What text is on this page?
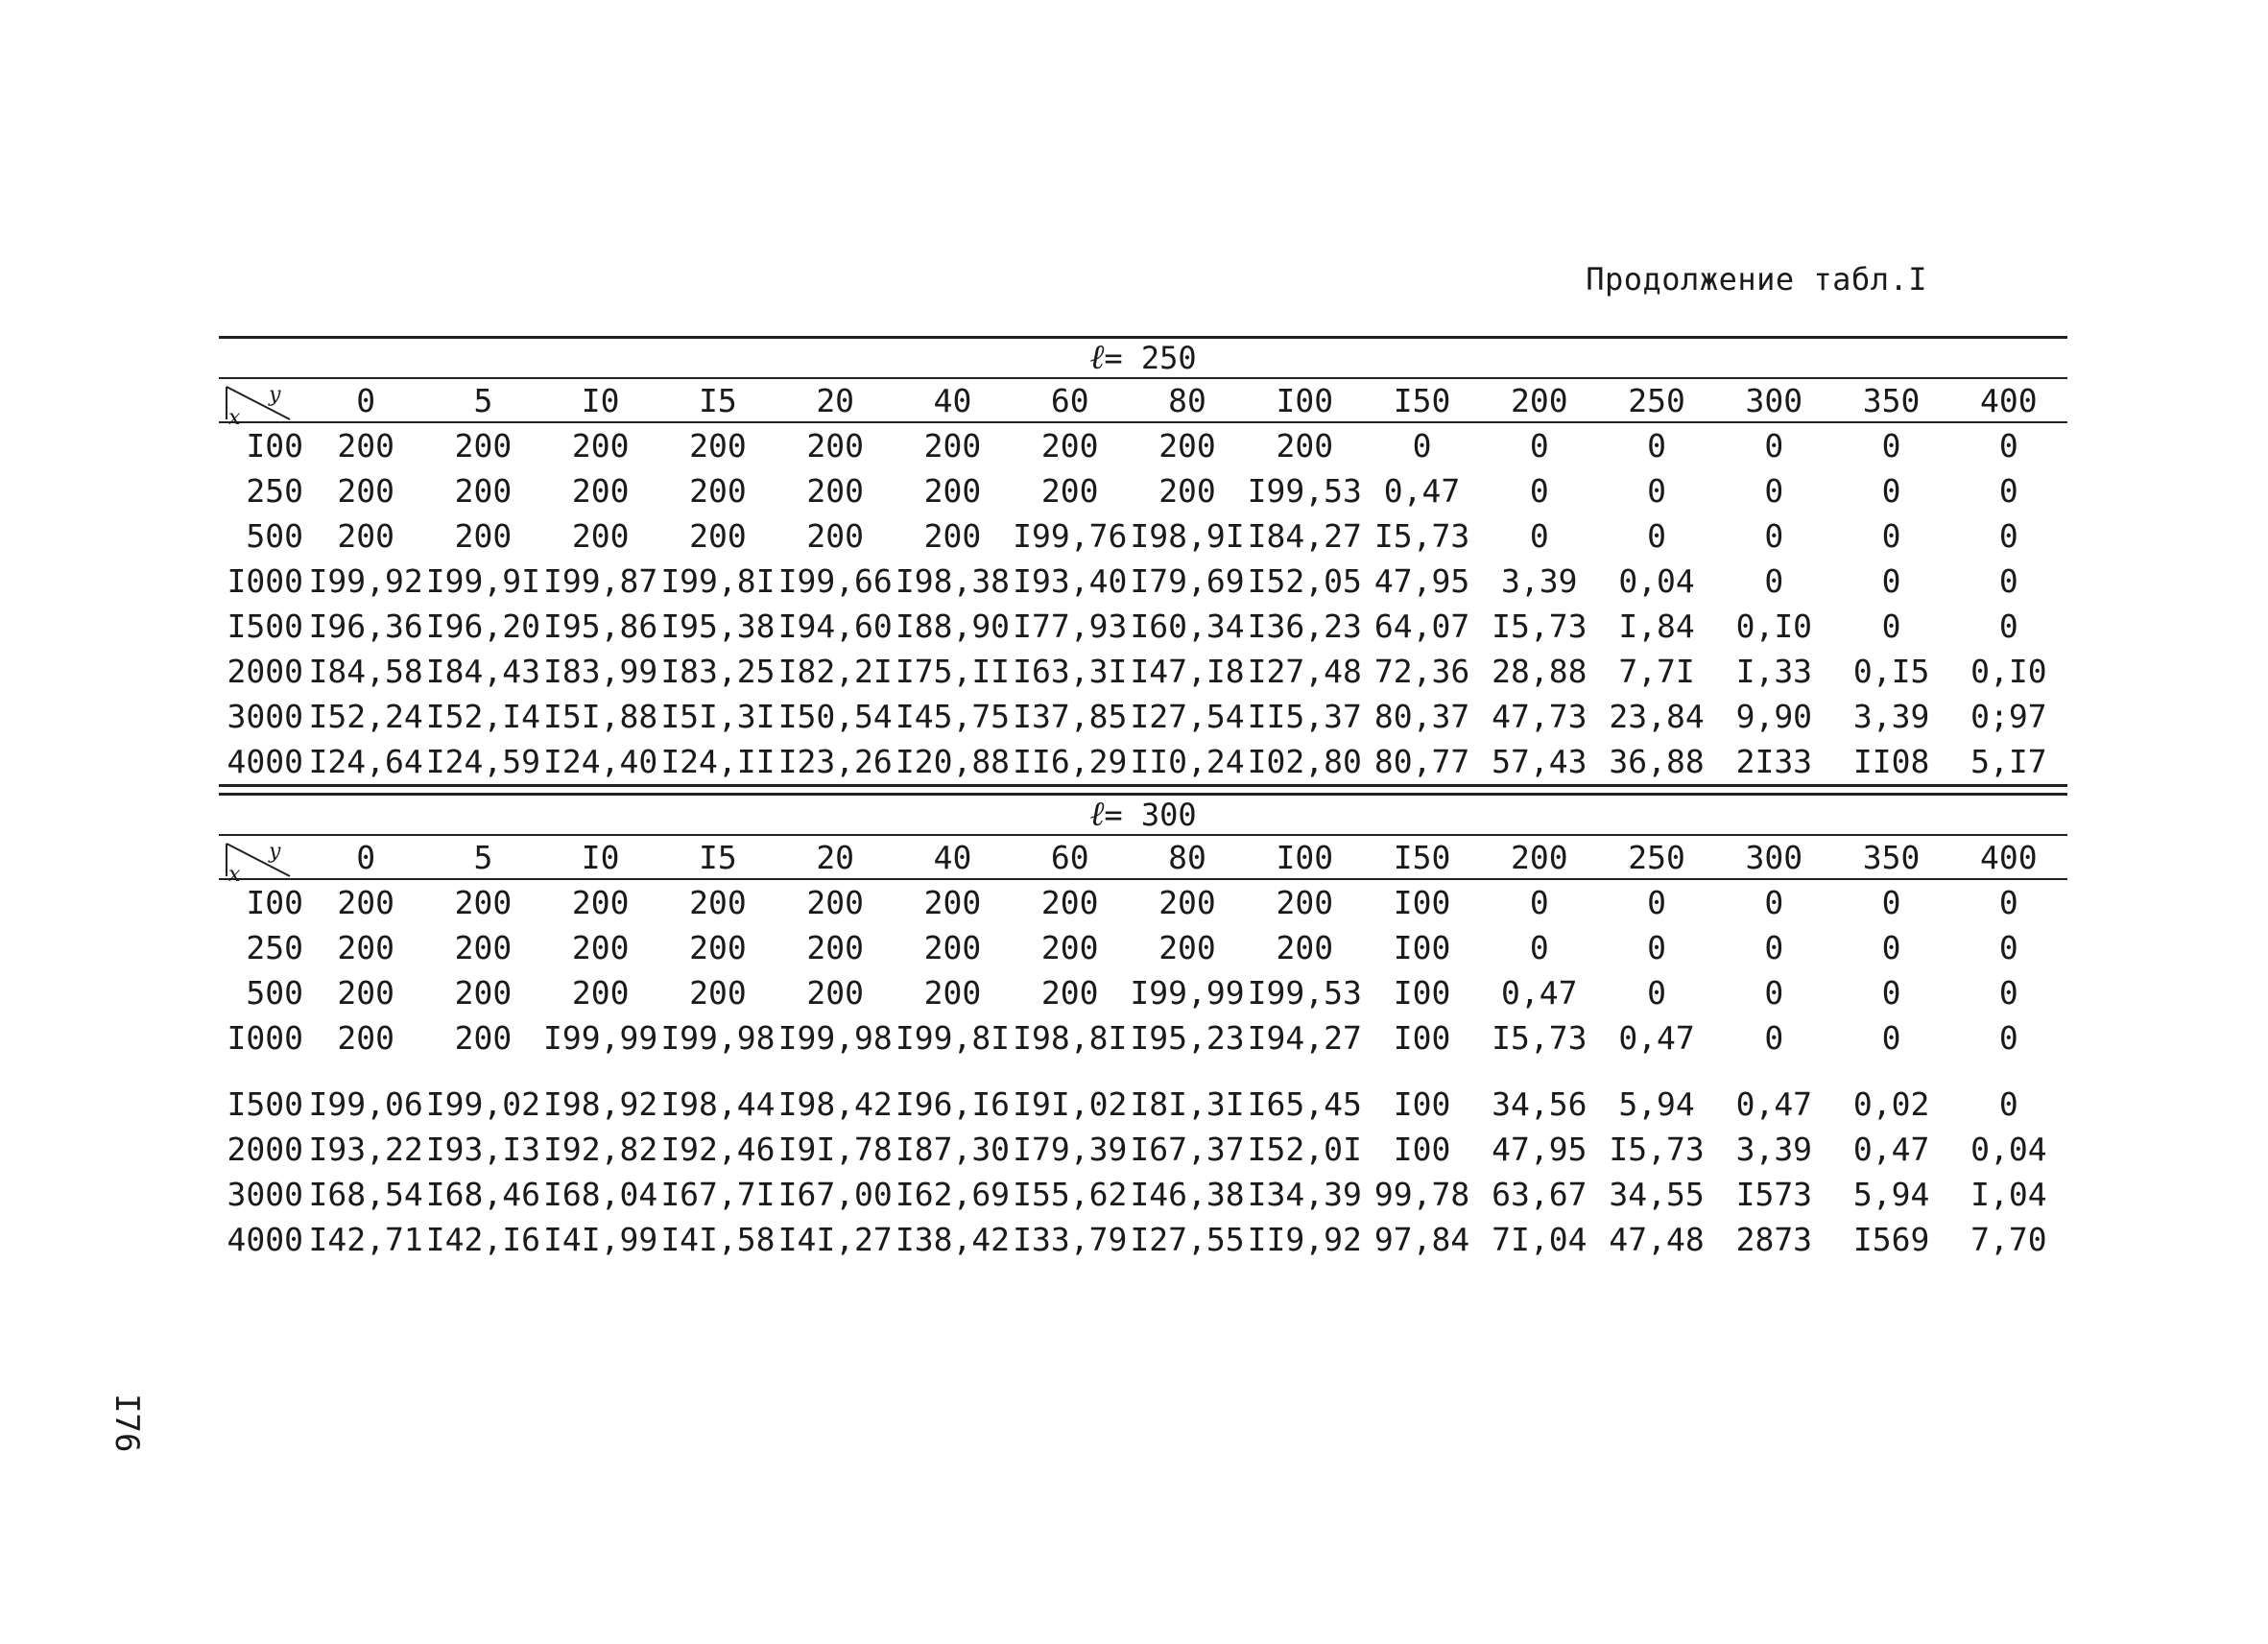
Продолжение табл.I
ℓ= 250
y
x	0	5	I0	I5	20	40	60	80	I00	I50	200	250	300	350	400
I00	200	200	200	200	200	200	200	200	200	0	0	0	0	0	0
250	200	200	200	200	200	200	200	200 I99,53 0,47	0	0	0	0	0
500	200	200	200	200	200	200 I99,76 I98,9I I84,27 I5,73	0	0	0	0	0
I000 I99,92 I99,9I I99,87 I99,8I I99,66 I98,38 I93,40 I79,69 I52,05 47,95 3,39	0,04	0	0	0
I500 I96,36 I96,20 I95,86 I95,38 I94,60 I88,90 I77,93 I60,34 I36,23 64,07 I5,73 I,84	0,I0	0	0
2000 I84,58 I84,43 I83,99 I83,25 I82,2I I75,II I63,3I I47,I8 I27,48 72,36 28,88 7,7I	I,33	0,I5	0,I0
3000 I52,24 I52,I4 I5I,88 I5I,3I I50,54 I45,75 I37,85 I27,54 II5,37 80,37 47,73 23,84 9,90	3,39	0;97
4000 I24,64 I24,59 I24,40 I24,II I23,26 I20,88 II6,29 II0,24 I02,80 80,77 57,43 36,88 2I33	II08	5,I7
ℓ= 300
y
x	0	5	I0	I5	20	40	60	80	I00	I50	200	250	300	350	400
I00	200	200	200	200	200	200	200	200	200	I00	0	0	0	0	0
250	200	200	200	200	200	200	200	200	200	I00	0	0	0	0	0
500	200	200	200	200	200	200	200 I99,99 I99,53 I00	0,47	0	0	0	0
I000	200	200 I99,99 I99,98 I99,98 I99,8I I98,8I I95,23 I94,27 I00	I5,73 0,47	0	0	0
I500 I99,06 I99,02 I98,92 I98,44 I98,42 I96,I6 I9I,02 I8I,3I I65,45 I00	34,56 5,94	0,47	0,02	0
2000 I93,22 I93,I3 I92,82 I92,46 I9I,78 I87,30 I79,39 I67,37 I52,0I I00	47,95 I5,73 3,39	0,47	0,04
3000 I68,54 I68,46 I68,04 I67,7I I67,00 I62,69 I55,62 I46,38 I34,39 99,78 63,67 34,55 I573	5,94	I,04
4000 I42,71 I42,I6 I4I,99 I4I,58 I4I,27 I38,42 I33,79 I27,55 II9,92 97,84 7I,04 47,48 2873	I569	7,70
I76
